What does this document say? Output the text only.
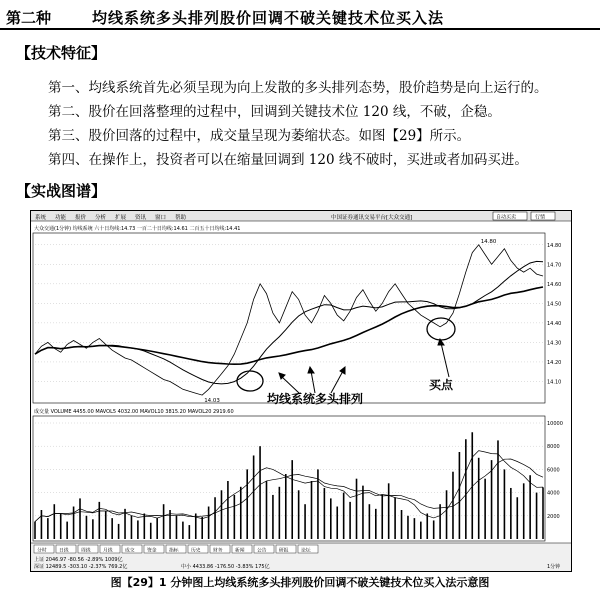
第二种	均线系统多头排列股价回调不破关键技术位买入法
【技术特征】
第一、均线系统首先必须呈现为向上发散的多头排列态势，股价趋势是向上运行的。
第二、股价在回落整理的过程中，回调到关键技术位 120 线，不破，企稳。
第三、股价回落的过程中，成交量呈现为萎缩状态。如图【29】所示。
第四、在操作上，投资者可以在缩量回调到 120 线不破时，买进或者加码买进。
【实战图谱】
系统 功能 报价 分析 扩展 资讯 窗口 帮助	中国证券通讯交易平台[大众交通]	自动买卖	行情
大众交通(1分钟) 均线系统 六十日均线:14.73 一百二十日均线:14.61 二百五十日均线:14.41
14.80
14.70
14.60
14.50
14.40
14.30
14.20
14.10
14.80
14.03	均线系统多头排列
买点
成交量 VOLUME 4455.00 MAVOL5 4032.00 MAVOL10 3815.20 MAVOL20 2919.60
10000
8000
6000
4000
2000
分时	日线	周线	月线	成交	资金	指标	历史	财务	新闻	公告	研报	论坛
上证 2046.97 -80.56 -2.89% 1009亿
深证 12489.5 -303.10 -2.37% 769.2亿	中小 4433.86 -176.50 -3.83% 175亿	1分钟
图【29】1 分钟图上均线系统多头排列股价回调不破关键技术位买入法示意图
